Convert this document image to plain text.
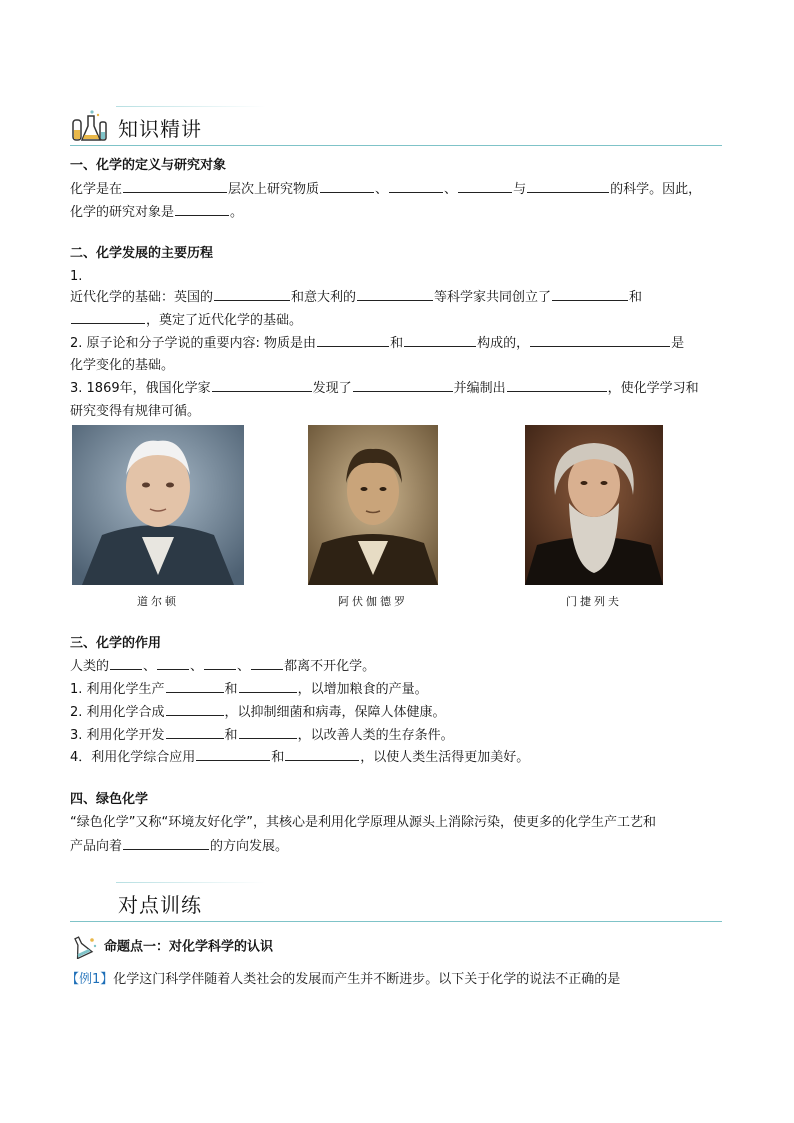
知识精讲
一、化学的定义与研究对象
化学是在	层次上研究物质	、	、	与	的科学。因此，
化学的研究对象是	。
二、化学发展的主要历程
1.
近代化学的基础：英国的	和意大利的	等科学家共同创立了	和
，奠定了近代化学的基础。
2. 原子论和分子学说的重要内容: 物质是由	和	构成的，	是
化学变化的基础。
3. 1869年，俄国化学家	发现了	并编制出	，使化学学习和
研究变得有规律可循。
道尔顿	阿伏伽德罗	门捷列夫
三、化学的作用
人类的	、	、	、	都离不开化学。
1. 利用化学生产	和	，以增加粮食的产量。
2. 利用化学合成	，以抑制细菌和病毒，保障人体健康。
3. 利用化学开发	和	，以改善人类的生存条件。
4．利用化学综合应用	和	，以使人类生活得更加美好。
四、绿色化学
“绿色化学”又称“环境友好化学”，其核心是利用化学原理从源头上消除污染，使更多的化学生产工艺和
产品向着	的方向发展。
对点训练
命题点一：对化学科学的认识
【例1】化学这门科学伴随着人类社会的发展而产生并不断进步。以下关于化学的说法不正确的是
